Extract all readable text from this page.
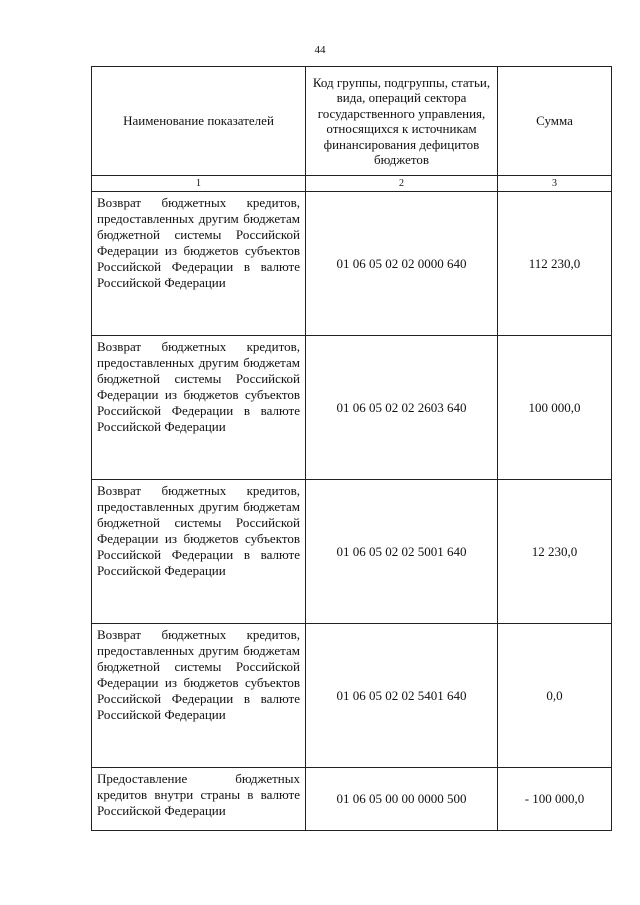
44
Наименование показателей	Код группы, подгруппы, статьи, вида, операций сектора государственного управления, относящихся к источникам финансирования дефицитов бюджетов	Сумма
1	2	3
Возврат бюджетных кредитов, предоставленных другим бюджетам бюджетной системы Российской Федерации из бюджетов субъектов Российской Федерации в валюте Российской Федерации	01 06 05 02 02 0000 640	112 230,0
Возврат бюджетных кредитов, предоставленных другим бюджетам бюджетной системы Российской Федерации из бюджетов субъектов Российской Федерации в валюте Российской Федерации	01 06 05 02 02 2603 640	100 000,0
Возврат бюджетных кредитов, предоставленных другим бюджетам бюджетной системы Российской Федерации из бюджетов субъектов Российской Федерации в валюте Российской Федерации	01 06 05 02 02 5001 640	12 230,0
Возврат бюджетных кредитов, предоставленных другим бюджетам бюджетной системы Российской Федерации из бюджетов субъектов Российской Федерации в валюте Российской Федерации	01 06 05 02 02 5401 640	0,0
Предоставление бюджетных кредитов внутри страны в валюте Российской Федерации	01 06 05 00 00 0000 500	- 100 000,0
